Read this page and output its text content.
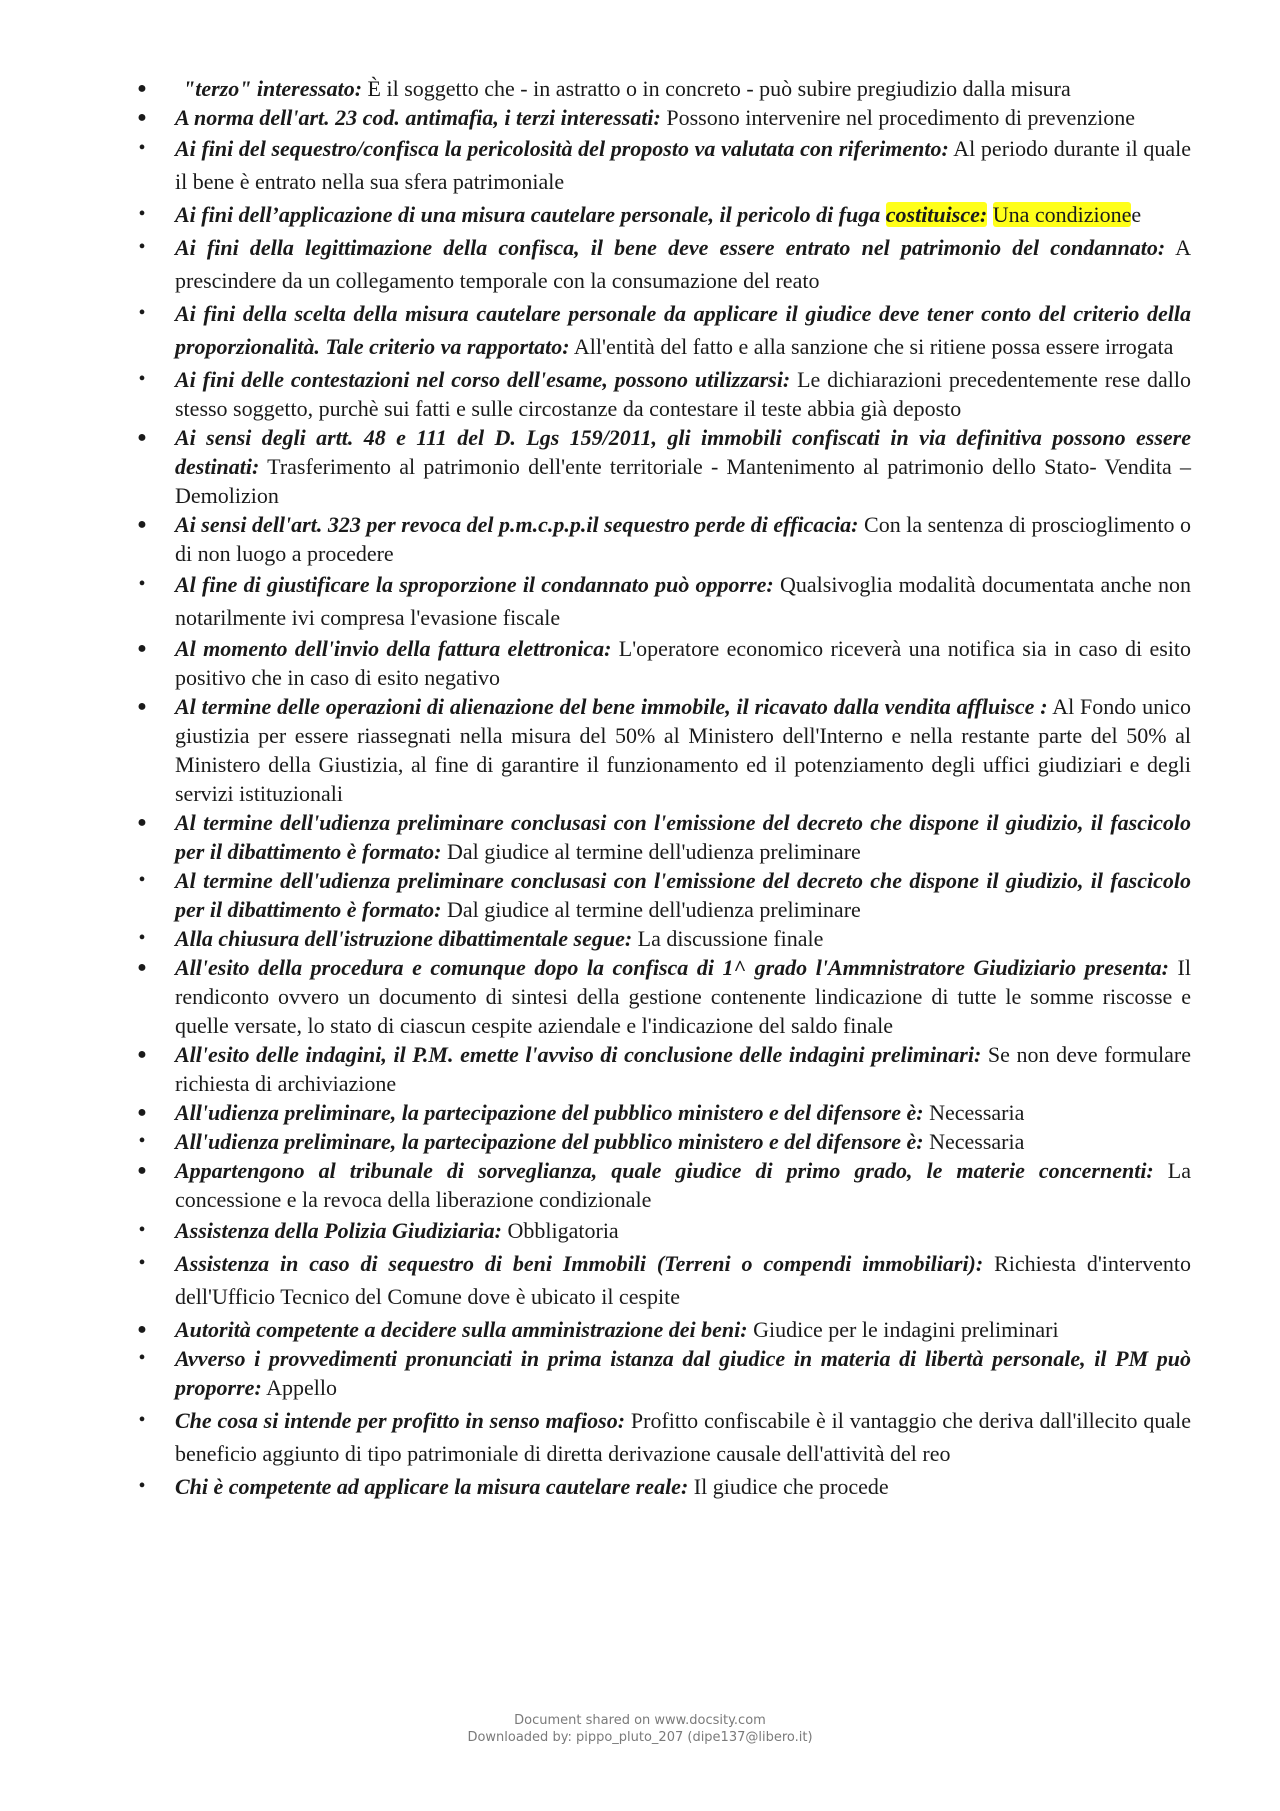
● "terzo" interessato: È il soggetto che - in astratto o in concreto - può subire pregiudizio dalla misura
● A norma dell'art. 23 cod. antimafia, i terzi interessati: Possono intervenire nel procedimento di prevenzione
• Ai fini del sequestro/confisca la pericolosità del proposto va valutata con riferimento: Al periodo durante il quale il bene è entrato nella sua sfera patrimoniale
• Ai fini dell’applicazione di una misura cautelare personale, il pericolo di fuga costituisce: Una condizionee
• Ai fini della legittimazione della confisca, il bene deve essere entrato nel patrimonio del condannato: A prescindere da un collegamento temporale con la consumazione del reato
• Ai fini della scelta della misura cautelare personale da applicare il giudice deve tener conto del criterio della proporzionalità. Tale criterio va rapportato: All'entità del fatto e alla sanzione che si ritiene possa essere irrogata
• Ai fini delle contestazioni nel corso dell'esame, possono utilizzarsi: Le dichiarazioni precedentemente rese dallo stesso soggetto, purchè sui fatti e sulle circostanze da contestare il teste abbia già deposto
● Ai sensi degli artt. 48 e 111 del D. Lgs 159/2011, gli immobili confiscati in via definitiva possono essere destinati: Trasferimento al patrimonio dell'ente territoriale - Mantenimento al patrimonio dello Stato- Vendita – Demolizion
● Ai sensi dell'art. 323 per revoca del p.m.c.p.p.il sequestro perde di efficacia: Con la sentenza di proscioglimento o di non luogo a procedere
• Al fine di giustificare la sproporzione il condannato può opporre: Qualsivoglia modalità documentata anche non notarilmente ivi compresa l'evasione fiscale
● Al momento dell'invio della fattura elettronica: L'operatore economico riceverà una notifica sia in caso di esito positivo che in caso di esito negativo
● Al termine delle operazioni di alienazione del bene immobile, il ricavato dalla vendita affluisce : Al Fondo unico giustizia per essere riassegnati nella misura del 50% al Ministero dell'Interno e nella restante parte del 50% al Ministero della Giustizia, al fine di garantire il funzionamento ed il potenziamento degli uffici giudiziari e degli servizi istituzionali
● Al termine dell'udienza preliminare conclusasi con l'emissione del decreto che dispone il giudizio, il fascicolo per il dibattimento è formato: Dal giudice al termine dell'udienza preliminare
• Al termine dell'udienza preliminare conclusasi con l'emissione del decreto che dispone il giudizio, il fascicolo per il dibattimento è formato: Dal giudice al termine dell'udienza preliminare
• Alla chiusura dell'istruzione dibattimentale segue: La discussione finale
● All'esito della procedura e comunque dopo la confisca di 1^ grado l'Ammnistratore Giudiziario presenta: Il rendiconto ovvero un documento di sintesi della gestione contenente lindicazione di tutte le somme riscosse e quelle versate, lo stato di ciascun cespite aziendale e l'indicazione del saldo finale
● All'esito delle indagini, il P.M. emette l'avviso di conclusione delle indagini preliminari: Se non deve formulare richiesta di archiviazione
● All'udienza preliminare, la partecipazione del pubblico ministero e del difensore è: Necessaria
• All'udienza preliminare, la partecipazione del pubblico ministero e del difensore è: Necessaria
● Appartengono al tribunale di sorveglianza, quale giudice di primo grado, le materie concernenti: La concessione e la revoca della liberazione condizionale
• Assistenza della Polizia Giudiziaria: Obbligatoria
• Assistenza in caso di sequestro di beni Immobili (Terreni o compendi immobiliari): Richiesta d'intervento dell'Ufficio Tecnico del Comune dove è ubicato il cespite
● Autorità competente a decidere sulla amministrazione dei beni: Giudice per le indagini preliminari
• Avverso i provvedimenti pronunciati in prima istanza dal giudice in materia di libertà personale, il PM può proporre: Appello
• Che cosa si intende per profitto in senso mafioso: Profitto confiscabile è il vantaggio che deriva dall'illecito quale beneficio aggiunto di tipo patrimoniale di diretta derivazione causale dell'attività del reo
• Chi è competente ad applicare la misura cautelare reale: Il giudice che procede
Document shared on www.docsity.com
Downloaded by: pippo_pluto_207 (dipe137@libero.it)
